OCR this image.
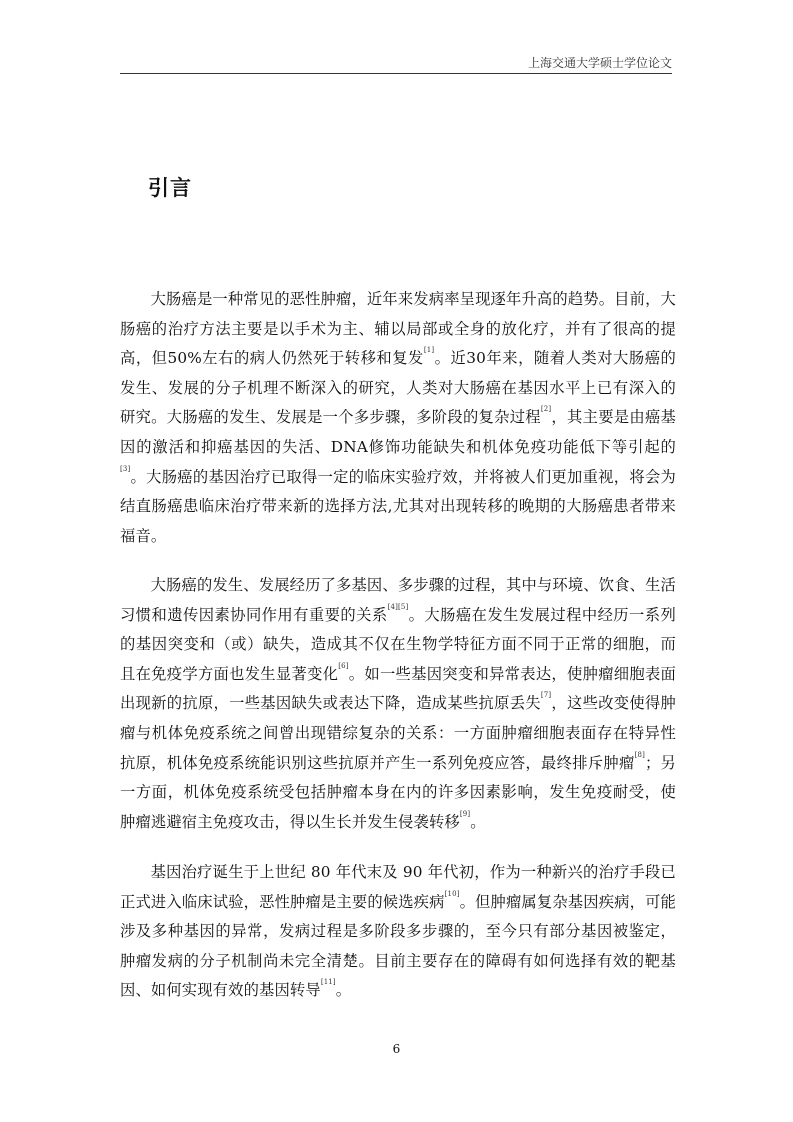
上海交通大学硕士学位论文
引言

大肠癌是一种常见的恶性肿瘤，近年来发病率呈现逐年升高的趋势。目前，大肠癌的治疗方法主要是以手术为主、辅以局部或全身的放化疗，并有了很高的提高，但50%左右的病人仍然死于转移和复发[1]。近30年来，随着人类对大肠癌的发生、发展的分子机理不断深入的研究，人类对大肠癌在基因水平上已有深入的研究。大肠癌的发生、发展是一个多步骤，多阶段的复杂过程[2]，其主要是由癌基因的激活和抑癌基因的失活、DNA修饰功能缺失和机体免疫功能低下等引起的[3]。大肠癌的基因治疗已取得一定的临床实验疗效，并将被人们更加重视，将会为结直肠癌患临床治疗带来新的选择方法,尤其对出现转移的晚期的大肠癌患者带来福音。

大肠癌的发生、发展经历了多基因、多步骤的过程，其中与环境、饮食、生活习惯和遗传因素协同作用有重要的关系[4][5]。大肠癌在发生发展过程中经历一系列的基因突变和（或）缺失，造成其不仅在生物学特征方面不同于正常的细胞，而且在免疫学方面也发生显著变化[6]。如一些基因突变和异常表达，使肿瘤细胞表面出现新的抗原，一些基因缺失或表达下降，造成某些抗原丢失[7]，这些改变使得肿瘤与机体免疫系统之间曾出现错综复杂的关系：一方面肿瘤细胞表面存在特异性抗原，机体免疫系统能识别这些抗原并产生一系列免疫应答，最终排斥肿瘤[8]；另一方面，机体免疫系统受包括肿瘤本身在内的许多因素影响，发生免疫耐受，使肿瘤逃避宿主免疫攻击，得以生长并发生侵袭转移[9]。

基因治疗诞生于上世纪 80 年代末及 90 年代初，作为一种新兴的治疗手段已正式进入临床试验，恶性肿瘤是主要的候选疾病[10]。但肿瘤属复杂基因疾病，可能涉及多种基因的异常，发病过程是多阶段多步骤的，至今只有部分基因被鉴定，肿瘤发病的分子机制尚未完全清楚。目前主要存在的障碍有如何选择有效的靶基因、如何实现有效的基因转导[11]。

6
